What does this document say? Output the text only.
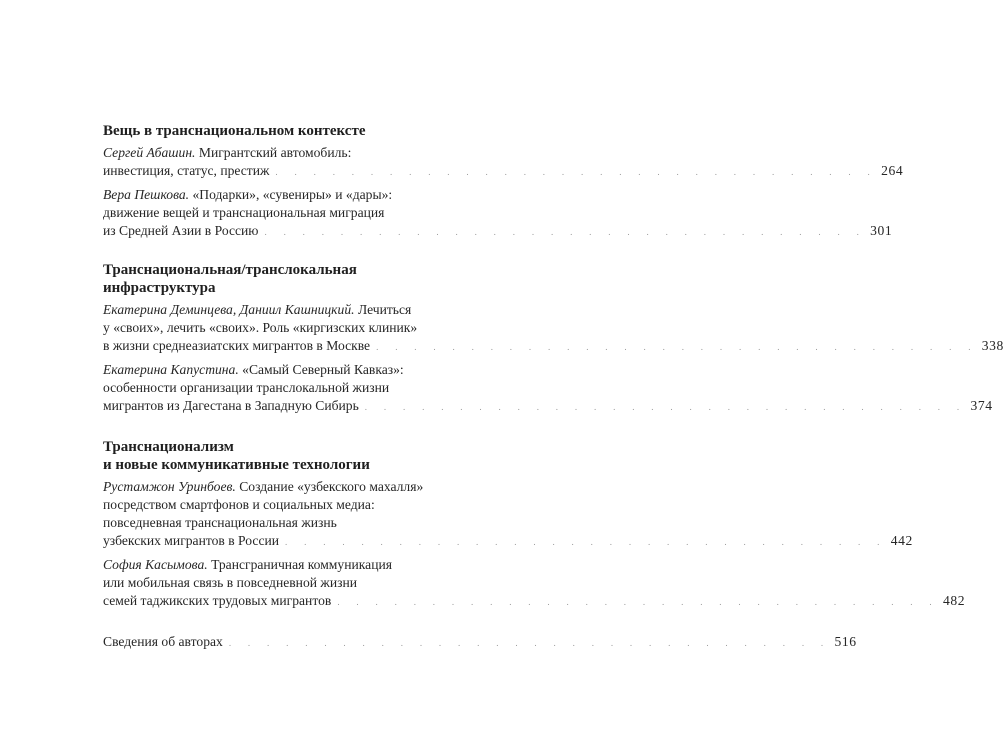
Вещь в транснациональном контексте
Сергей Абашин. Мигрантский автомобиль:
инвестиция, статус, престиж . . . . . . . . . . . . . . . . . . . . . . . . . . . . . . . . 264
Вера Пешкова. «Подарки», «сувениры» и «дары»:
движение вещей и транснациональная миграция
из Средней Азии в Россию . . . . . . . . . . . . . . . . . . . . . . . . . . . . . . . . 301
Транснациональная/транслокальная
инфраструктура
Екатерина Деминцева, Даниил Кашницкий. Лечиться
у «своих», лечить «своих». Роль «киргизских клиник»
в жизни среднеазиатских мигрантов в Москве . . . . . . . . . . . . . . . . . . . . . . . . . . . . . . . . 338
Екатерина Капустина. «Самый Северный Кавказ»:
особенности организации транслокальной жизни
мигрантов из Дагестана в Западную Сибирь . . . . . . . . . . . . . . . . . . . . . . . . . . . . . . . . 374
Транснационализм
и новые коммуникативные технологии
Рустамжон Уринбоев. Создание «узбекского махалля»
посредством смартфонов и социальных медиа:
повседневная транснациональная жизнь
узбекских мигрантов в России . . . . . . . . . . . . . . . . . . . . . . . . . . . . . . . . 442
София Касымова. Трансграничная коммуникация
или мобильная связь в повседневной жизни
семей таджикских трудовых мигрантов . . . . . . . . . . . . . . . . . . . . . . . . . . . . . . . . 482
Сведения об авторах . . . . . . . . . . . . . . . . . . . . . . . . . . . . . . . . 516
